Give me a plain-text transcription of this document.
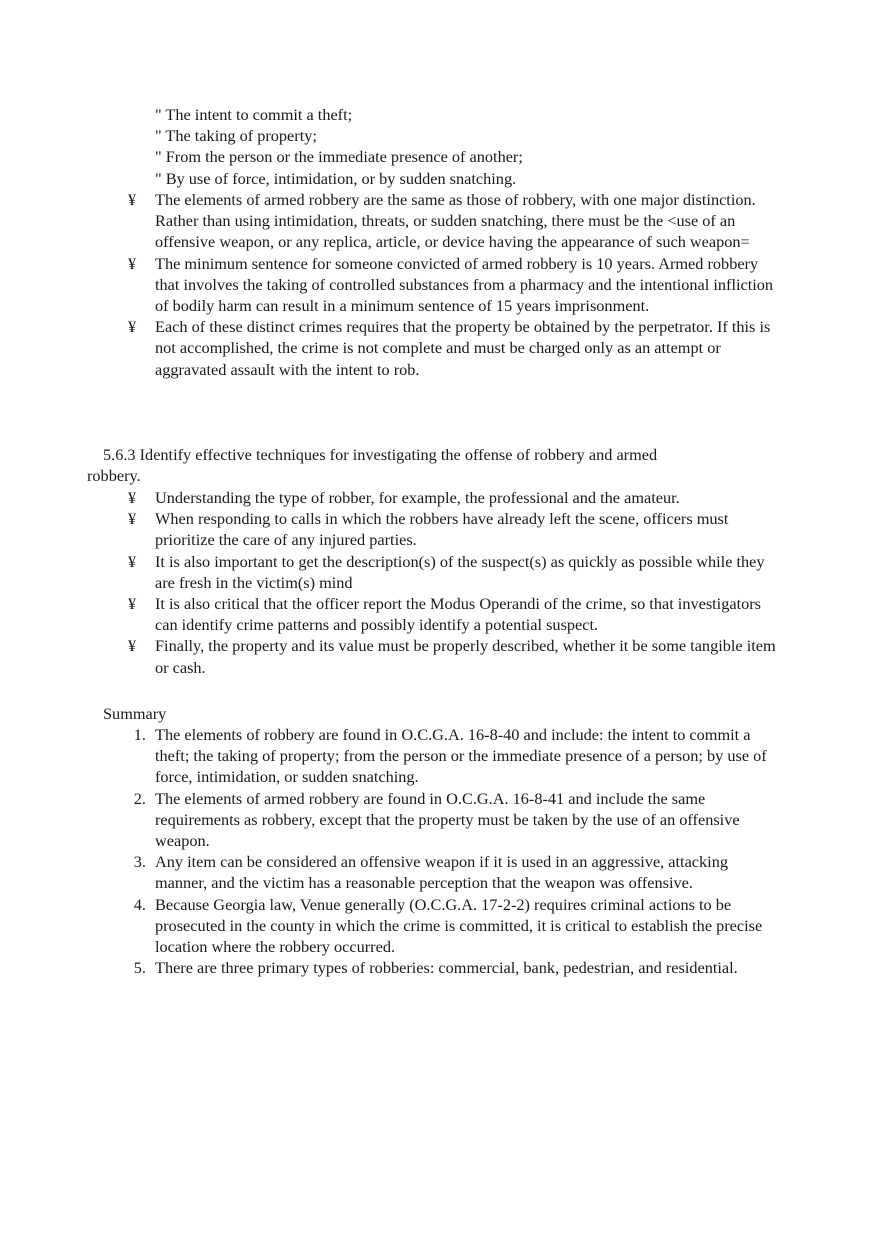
" The intent to commit a theft;

" The taking of property;

" From the person or the immediate presence of another;

" By use of force, intimidation, or by sudden snatching.

¥ The elements of armed robbery are the same as those of robbery, with one major distinction. Rather than using intimidation, threats, or sudden snatching, there must be the <use of an offensive weapon, or any replica, article, or device having the appearance of such weapon=
¥ The minimum sentence for someone convicted of armed robbery is 10 years. Armed robbery that involves the taking of controlled substances from a pharmacy and the intentional infliction of bodily harm can result in a minimum sentence of 15 years imprisonment.
¥ Each of these distinct crimes requires that the property be obtained by the perpetrator. If this is not accomplished, the crime is not complete and must be charged only as an attempt or aggravated assault with the intent to rob.

5.6.3 Identify effective techniques for investigating the offense of robbery and armed
robbery.

¥ Understanding the type of robber, for example, the professional and the amateur.
¥ When responding to calls in which the robbers have already left the scene, officers must prioritize the care of any injured parties.
¥ It is also important to get the description(s) of the suspect(s) as quickly as possible while they are fresh in the victim(s) mind
¥ It is also critical that the officer report the Modus Operandi of the crime, so that investigators can identify crime patterns and possibly identify a potential suspect.
¥ Finally, the property and its value must be properly described, whether it be some tangible item or cash.

Summary

1. The elements of robbery are found in O.C.G.A. 16-8-40 and include: the intent to commit a theft; the taking of property; from the person or the immediate presence of a person; by use of force, intimidation, or sudden snatching.
2. The elements of armed robbery are found in O.C.G.A. 16-8-41 and include the same requirements as robbery, except that the property must be taken by the use of an offensive weapon.
3. Any item can be considered an offensive weapon if it is used in an aggressive, attacking manner, and the victim has a reasonable perception that the weapon was offensive.
4. Because Georgia law, Venue generally (O.C.G.A. 17-2-2) requires criminal actions to be prosecuted in the county in which the crime is committed, it is critical to establish the precise location where the robbery occurred.
5. There are three primary types of robberies: commercial, bank, pedestrian, and residential.
